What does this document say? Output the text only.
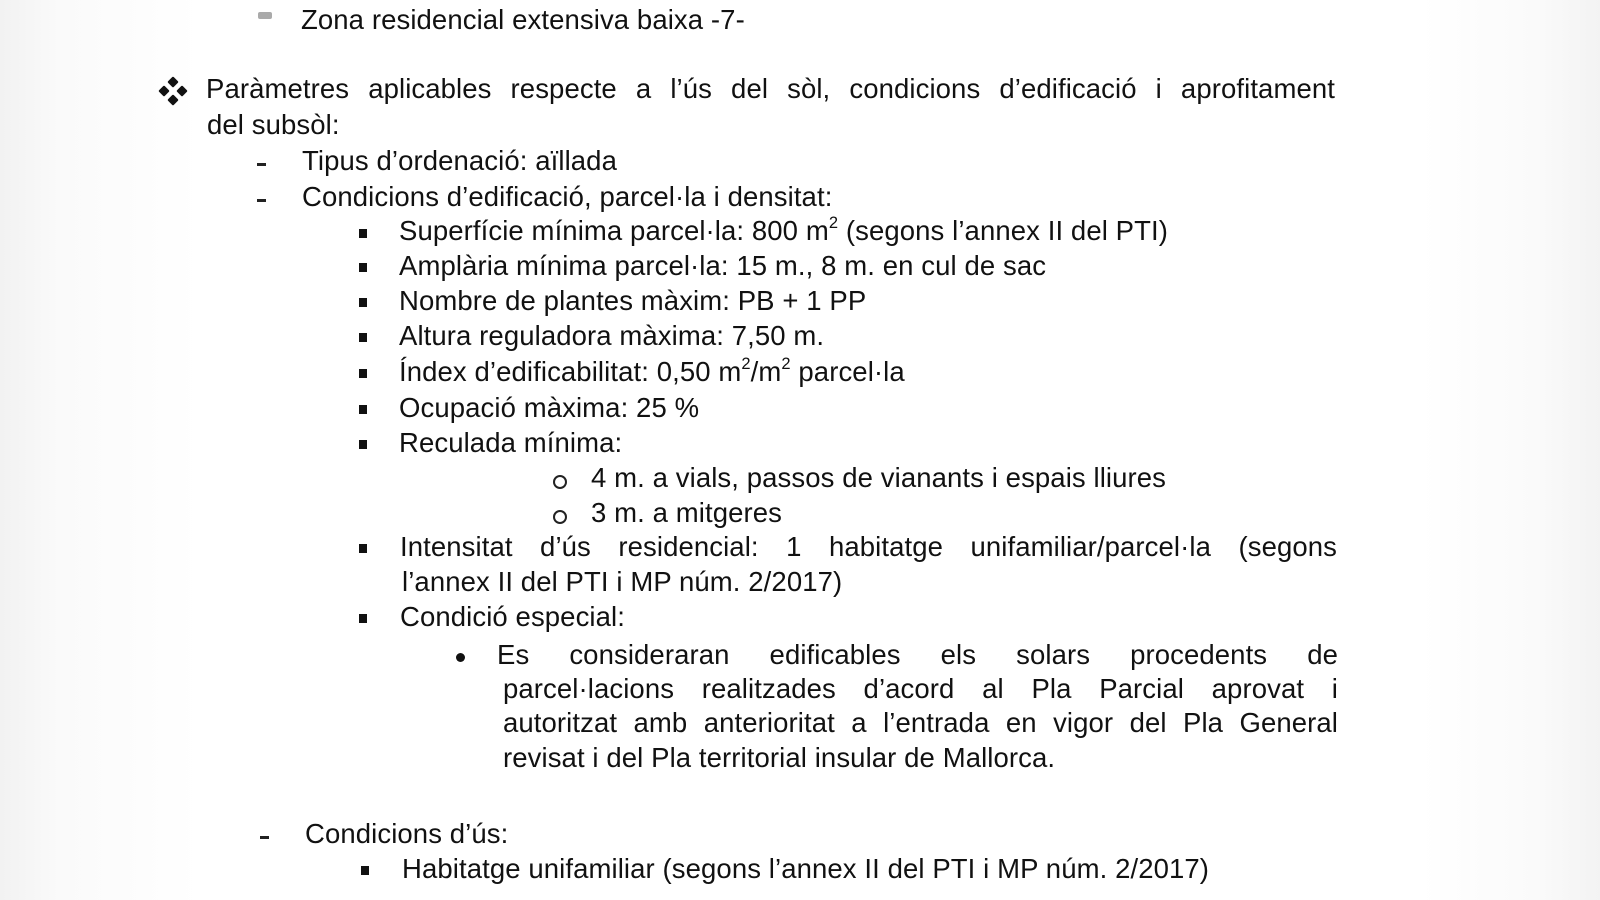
Zona residencial extensiva baixa -7-
Paràmetres aplicables respecte a l’ús del sòl, condicions d’edificació i aprofitament
del subsòl:
Tipus d’ordenació: aïllada
Condicions d’edificació, parcel·la i densitat:
Superfície mínima parcel·la: 800 $m^2$ (segons l’annex II del PTI)
Amplària mínima parcel·la: 15 m., 8 m. en cul de sac
Nombre de plantes màxim: PB + 1 PP
Altura reguladora màxima: 7,50 m.
Índex d’edificabilitat: 0,50 $m^2/m^2$ parcel·la
Ocupació màxima: 25 %
Reculada mínima:
4 m. a vials, passos de vianants i espais lliures
3 m. a mitgeres
Intensitat d’ús residencial: 1 habitatge unifamiliar/parcel·la (segons
l’annex II del PTI i MP núm. 2/2017)
Condició especial:
Es consideraran edificables els solars procedents de
parcel·lacions realitzades d’acord al Pla Parcial aprovat i
autoritzat amb anterioritat a l’entrada en vigor del Pla General
revisat i del Pla territorial insular de Mallorca.
Condicions d’ús:
Habitatge unifamiliar (segons l’annex II del PTI i MP núm. 2/2017)
